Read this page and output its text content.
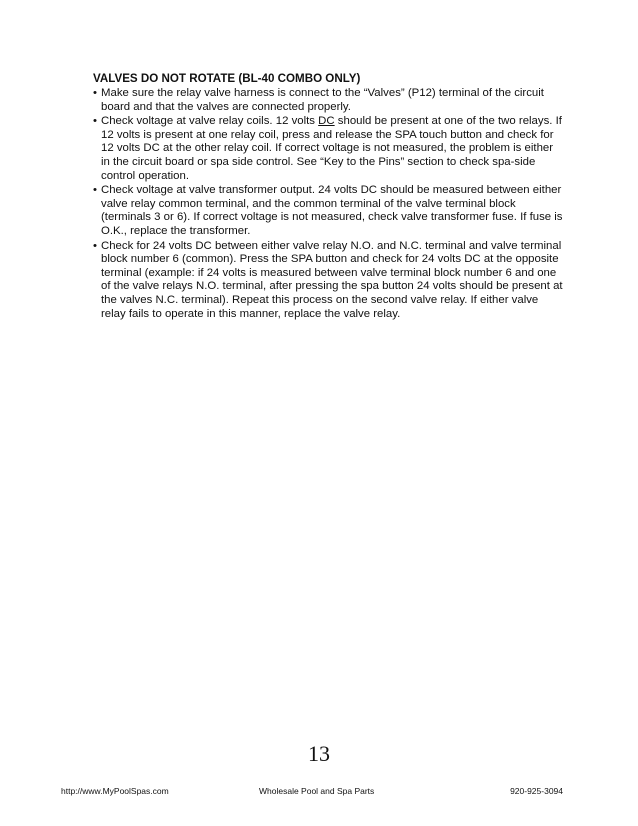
VALVES DO NOT ROTATE (BL-40 COMBO ONLY)
• Make sure the relay valve harness is connect to the “Valves” (P12) terminal of the circuit board and that the valves are connected properly.
• Check voltage at valve relay coils. 12 volts DC should be present at one of the two relays. If 12 volts is present at one relay coil, press and release the SPA touch button and check for 12 volts DC at the other relay coil. If correct voltage is not measured, the problem is either in the circuit board or spa side control. See “Key to the Pins” section to check spa-side control operation.
• Check voltage at valve transformer output. 24 volts DC should be measured between either valve relay common terminal, and the common terminal of the valve terminal block (terminals 3 or 6). If correct voltage is not measured, check valve transformer fuse. If fuse is O.K., replace the transformer.
• Check for 24 volts DC between either valve relay N.O. and N.C. terminal and valve terminal block number 6 (common). Press the SPA button and check for 24 volts DC at the opposite terminal (example: if 24 volts is measured between valve terminal block number 6 and one of the valve relays N.O. terminal, after pressing the spa button 24 volts should be present at the valves N.C. terminal). Repeat this process on the second valve relay. If either valve relay fails to operate in this manner, replace the valve relay.
13
http://www.MyPoolSpas.com	Wholesale Pool and Spa Parts	920-925-3094
